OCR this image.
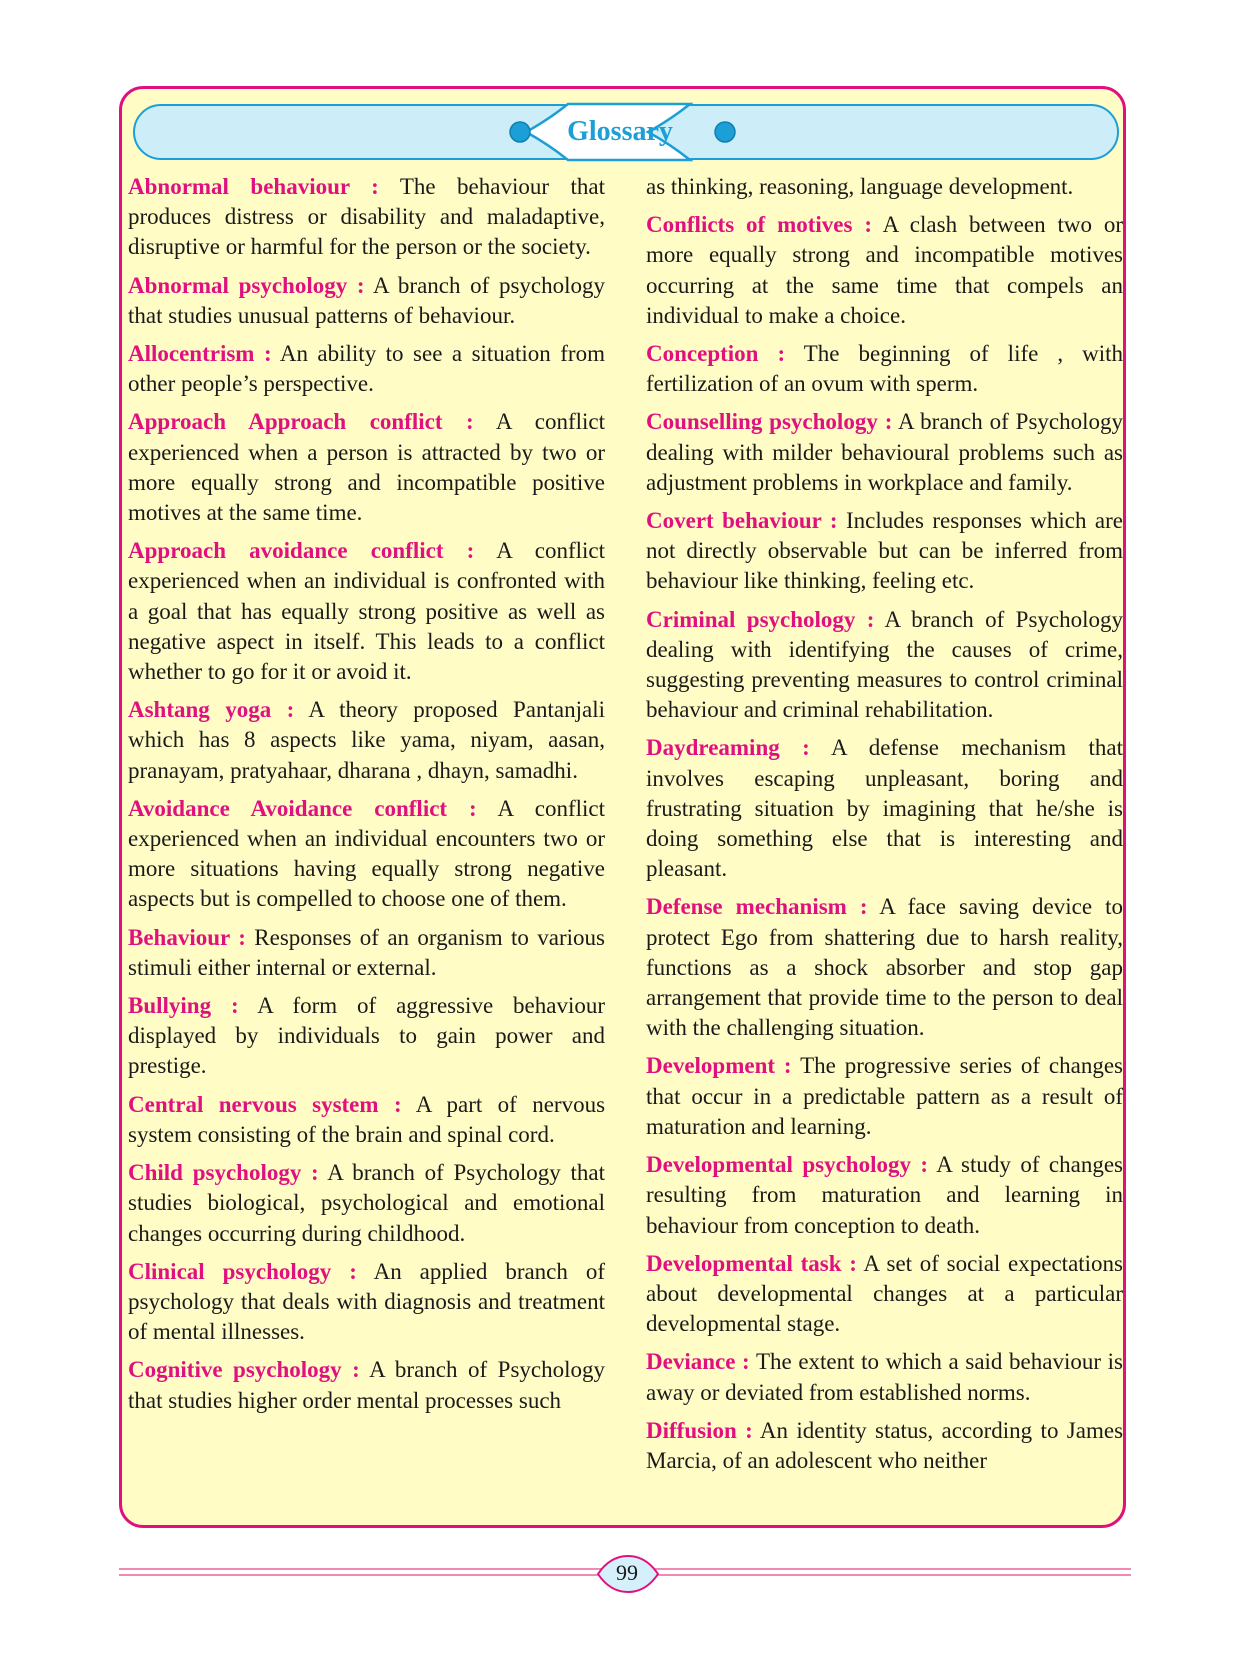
Glossary

Abnormal behaviour : The behaviour that produces distress or disability and maladaptive, disruptive or harmful for the person or the society.

Abnormal psychology : A branch of psychology that studies unusual patterns of behaviour.

Allocentrism : An ability to see a situation from other people’s perspective.

Approach Approach conflict : A conflict experienced when a person is attracted by two or more equally strong and incompatible positive motives at the same time.

Approach avoidance conflict : A conflict experienced when an individual is confronted with a goal that has equally strong positive as well as negative aspect in itself. This leads to a conflict whether to go for it or avoid it.

Ashtang yoga : A theory proposed Pantanjali which has 8 aspects like yama, niyam, aasan, pranayam, pratyahaar, dharana , dhayn, samadhi.

Avoidance Avoidance conflict : A conflict experienced when an individual encounters two or more situations having equally strong negative aspects but is compelled to choose one of them.

Behaviour : Responses of an organism to various stimuli either internal or external.

Bullying : A form of aggressive behaviour displayed by individuals to gain power and prestige.

Central nervous system : A part of nervous system consisting of the brain and spinal cord.

Child psychology : A branch of Psychology that studies biological, psychological and emotional changes occurring during childhood.

Clinical psychology : An applied branch of psychology that deals with diagnosis and treatment of mental illnesses.

Cognitive psychology : A branch of Psychology that studies higher order mental processes such

as thinking, reasoning, language development.

Conflicts of motives : A clash between two or more equally strong and incompatible motives occurring at the same time that compels an individual to make a choice.

Conception : The beginning of life , with fertilization of an ovum with sperm.

Counselling psychology : A branch of Psychology dealing with milder behavioural problems such as adjustment problems in workplace and family.

Covert behaviour : Includes responses which are not directly observable but can be inferred from behaviour like thinking, feeling etc.

Criminal psychology : A branch of Psychology dealing with identifying the causes of crime, suggesting preventing measures to control criminal behaviour and criminal rehabilitation.

Daydreaming : A defense mechanism that involves escaping unpleasant, boring and frustrating situation by imagining that he/she is doing something else that is interesting and pleasant.

Defense mechanism : A face saving device to protect Ego from shattering due to harsh reality, functions as a shock absorber and stop gap arrangement that provide time to the person to deal with the challenging situation.

Development : The progressive series of changes that occur in a predictable pattern as a result of maturation and learning.

Developmental psychology : A study of changes resulting from maturation and learning in behaviour from conception to death.

Developmental task : A set of social expectations about developmental changes at a particular developmental stage.

Deviance : The extent to which a said behaviour is away or deviated from established norms.

Diffusion : An identity status, according to James Marcia, of an adolescent who neither

99
